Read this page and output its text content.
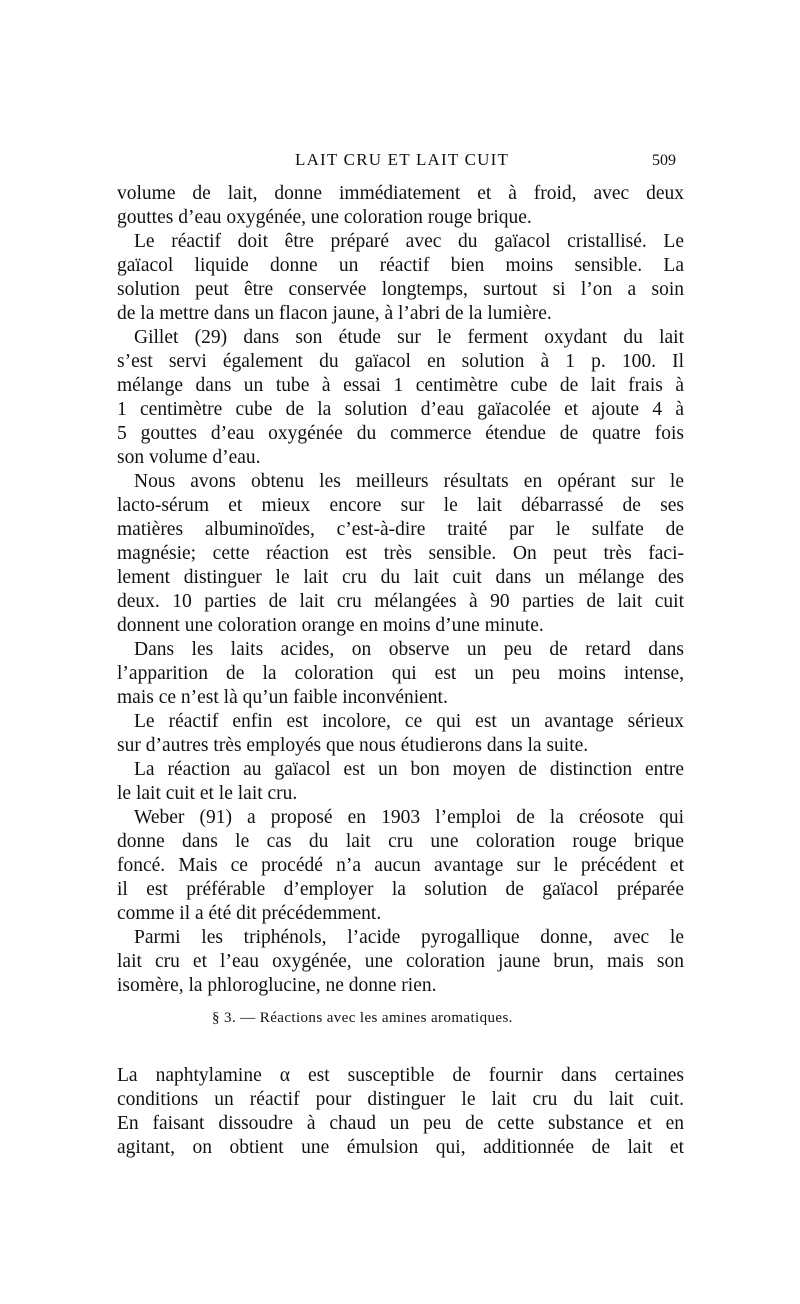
LAIT CRU ET LAIT CUIT	509
volume de lait, donne immédiatement et à froid, avec deux
gouttes d’eau oxygénée, une coloration rouge brique.
Le réactif doit être préparé avec du gaïacol cristallisé. Le
gaïacol liquide donne un réactif bien moins sensible. La
solution peut être conservée longtemps, surtout si l’on a soin
de la mettre dans un flacon jaune, à l’abri de la lumière.
Gillet (29) dans son étude sur le ferment oxydant du lait
s’est servi également du gaïacol en solution à 1 p. 100. Il
mélange dans un tube à essai 1 centimètre cube de lait frais à
1 centimètre cube de la solution d’eau gaïacolée et ajoute 4 à
5 gouttes d’eau oxygénée du commerce étendue de quatre fois
son volume d’eau.
Nous avons obtenu les meilleurs résultats en opérant sur le
lacto-sérum et mieux encore sur le lait débarrassé de ses
matières albuminoïdes, c’est-à-dire traité par le sulfate de
magnésie; cette réaction est très sensible. On peut très faci-
lement distinguer le lait cru du lait cuit dans un mélange des
deux. 10 parties de lait cru mélangées à 90 parties de lait cuit
donnent une coloration orange en moins d’une minute.
Dans les laits acides, on observe un peu de retard dans
l’apparition de la coloration qui est un peu moins intense,
mais ce n’est là qu’un faible inconvénient.
Le réactif enfin est incolore, ce qui est un avantage sérieux
sur d’autres très employés que nous étudierons dans la suite.
La réaction au gaïacol est un bon moyen de distinction entre
le lait cuit et le lait cru.
Weber (91) a proposé en 1903 l’emploi de la créosote qui
donne dans le cas du lait cru une coloration rouge brique
foncé. Mais ce procédé n’a aucun avantage sur le précédent et
il est préférable d’employer la solution de gaïacol préparée
comme il a été dit précédemment.
Parmi les triphénols, l’acide pyrogallique donne, avec le
lait cru et l’eau oxygénée, une coloration jaune brun, mais son
isomère, la phloroglucine, ne donne rien.
§ 3. — Réactions avec les amines aromatiques.
La naphtylamine α est susceptible de fournir dans certaines
conditions un réactif pour distinguer le lait cru du lait cuit.
En faisant dissoudre à chaud un peu de cette substance et en
agitant, on obtient une émulsion qui, additionnée de lait et
